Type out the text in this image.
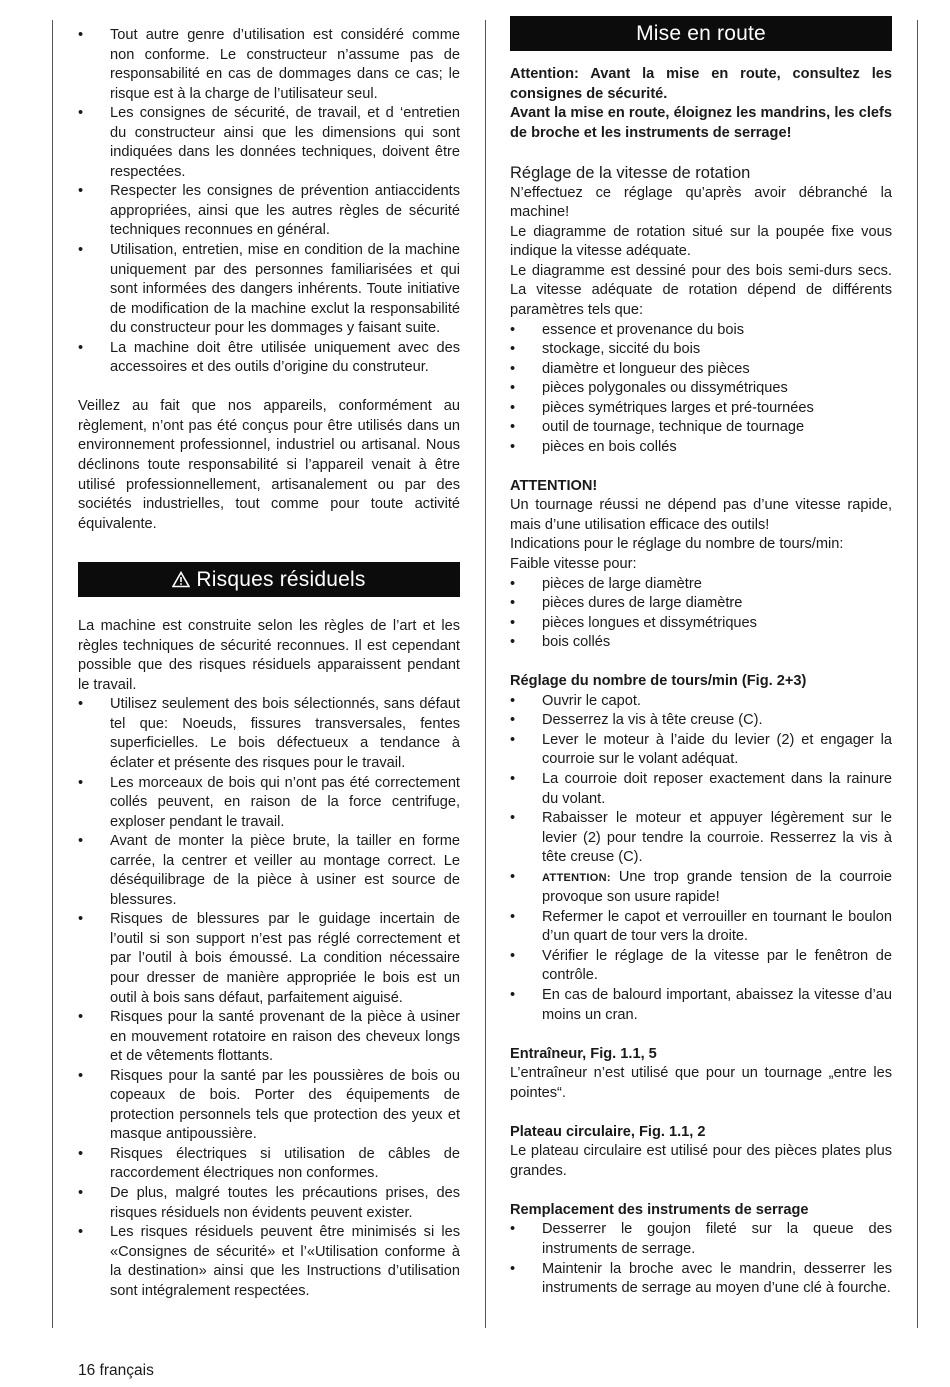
• Tout autre genre d’utilisation est considéré comme non conforme. Le constructeur n’assume pas de responsabilité en cas de dommages dans ce cas; le risque est à la charge de l’utilisateur seul.
• Les consignes de sécurité, de travail, et d ‘entretien du constructeur ainsi que les dimensions qui sont indiquées dans les données techniques, doivent être respectées.
• Respecter les consignes de prévention antiaccidents appropriées, ainsi que les autres règles de sécurité techniques reconnues en général.
• Utilisation, entretien, mise en condition de la machine uniquement par des personnes familiarisées et qui sont informées des dangers inhérents. Toute initiative de modification de la machine exclut la responsabilité du constructeur pour les dommages y faisant suite.
• La machine doit être utilisée uniquement avec des accessoires et des outils d’origine du construteur.

Veillez au fait que nos appareils, conformément au règlement, n’ont pas été conçus pour être utilisés dans un environnement professionnel, industriel ou artisanal. Nous déclinons toute responsabilité si l’appareil venait à être utilisé professionnellement, artisanalement ou par des sociétés industrielles, tout comme pour toute activité équivalente.

Risques résiduels

La machine est construite selon les règles de l’art et les règles techniques de sécurité reconnues. Il est cependant possible que des risques résiduels apparaissent pendant le travail.

• Utilisez seulement des bois sélectionnés, sans défaut tel que: Noeuds, fissures transversales, fentes superficielles. Le bois défectueux a tendance à éclater et présente des risques pour le travail.
• Les morceaux de bois qui n’ont pas été correctement collés peuvent, en raison de la force centrifuge, exploser pendant le travail.
• Avant de monter la pièce brute, la tailler en forme carrée, la centrer et veiller au montage correct. Le déséquilibrage de la pièce à usiner est source de blessures.
• Risques de blessures par le guidage incertain de l’outil si son support n’est pas réglé correctement et par l’outil à bois émoussé. La condition nécessaire pour dresser de manière appropriée le bois est un outil à bois sans défaut, parfaitement aiguisé.
• Risques pour la santé provenant de la pièce à usiner en mouvement rotatoire en raison des cheveux longs et de vêtements flottants.
• Risques pour la santé par les poussières de bois ou copeaux de bois. Porter des équipements de protection personnels tels que protection des yeux et masque antipoussière.
• Risques électriques si utilisation de câbles de raccordement électriques non conformes.
• De plus, malgré toutes les précautions prises, des risques résiduels non évidents peuvent exister.
• Les risques résiduels peuvent être minimisés si les «Consignes de sécurité» et l’«Utilisation conforme à la destination» ainsi que les Instructions d’utilisation sont intégralement respectées.
Mise en route

Attention: Avant la mise en route, consultez les consignes de sécurité.

Avant la mise en route, éloignez les mandrins, les clefs de broche et les instruments de serrage!

Réglage de la vitesse de rotation

N’effectuez ce réglage qu’après avoir débranché la machine!

Le diagramme de rotation situé sur la poupée fixe vous indique la vitesse adéquate.

Le diagramme est dessiné pour des bois semi-durs secs. La vitesse adéquate de rotation dépend de différents paramètres tels que:

• essence et provenance du bois
• stockage, siccité du bois
• diamètre et longueur des pièces
• pièces polygonales ou dissymétriques
• pièces symétriques larges et pré-tournées
• outil de tournage, technique de tournage
• pièces en bois collés

ATTENTION!

Un tournage réussi ne dépend pas d’une vitesse rapide, mais d’une utilisation efficace des outils!

Indications pour le réglage du nombre de tours/min:

Faible vitesse pour:

• pièces de large diamètre
• pièces dures de large diamètre
• pièces longues et dissymétriques
• bois collés

Réglage du nombre de tours/min (Fig. 2+3)

• Ouvrir le capot.
• Desserrez la vis à tête creuse (C).
• Lever le moteur à l’aide du levier (2) et engager la courroie sur le volant adéquat.
• La courroie doit reposer exactement dans la rainure du volant.
• Rabaisser le moteur et appuyer légèrement sur le levier (2) pour tendre la courroie. Resserrez la vis à tête creuse (C).
• ATTENTION: Une trop grande tension de la courroie provoque son usure rapide!
• Refermer le capot et verrouiller en tournant le boulon d’un quart de tour vers la droite.
• Vérifier le réglage de la vitesse par le fenêtron de contrôle.
• En cas de balourd important, abaissez la vitesse d’au moins un cran.

Entraîneur, Fig. 1.1, 5

L’entraîneur n’est utilisé que pour un tournage „entre les pointes“.

Plateau circulaire, Fig. 1.1, 2

Le plateau circulaire est utilisé pour des pièces plates plus grandes.

Remplacement des instruments de serrage

• Desserrer le goujon fileté sur la queue des instruments de serrage.
• Maintenir la broche avec le mandrin, desserrer les instruments de serrage au moyen d’une clé à fourche.
16 français
